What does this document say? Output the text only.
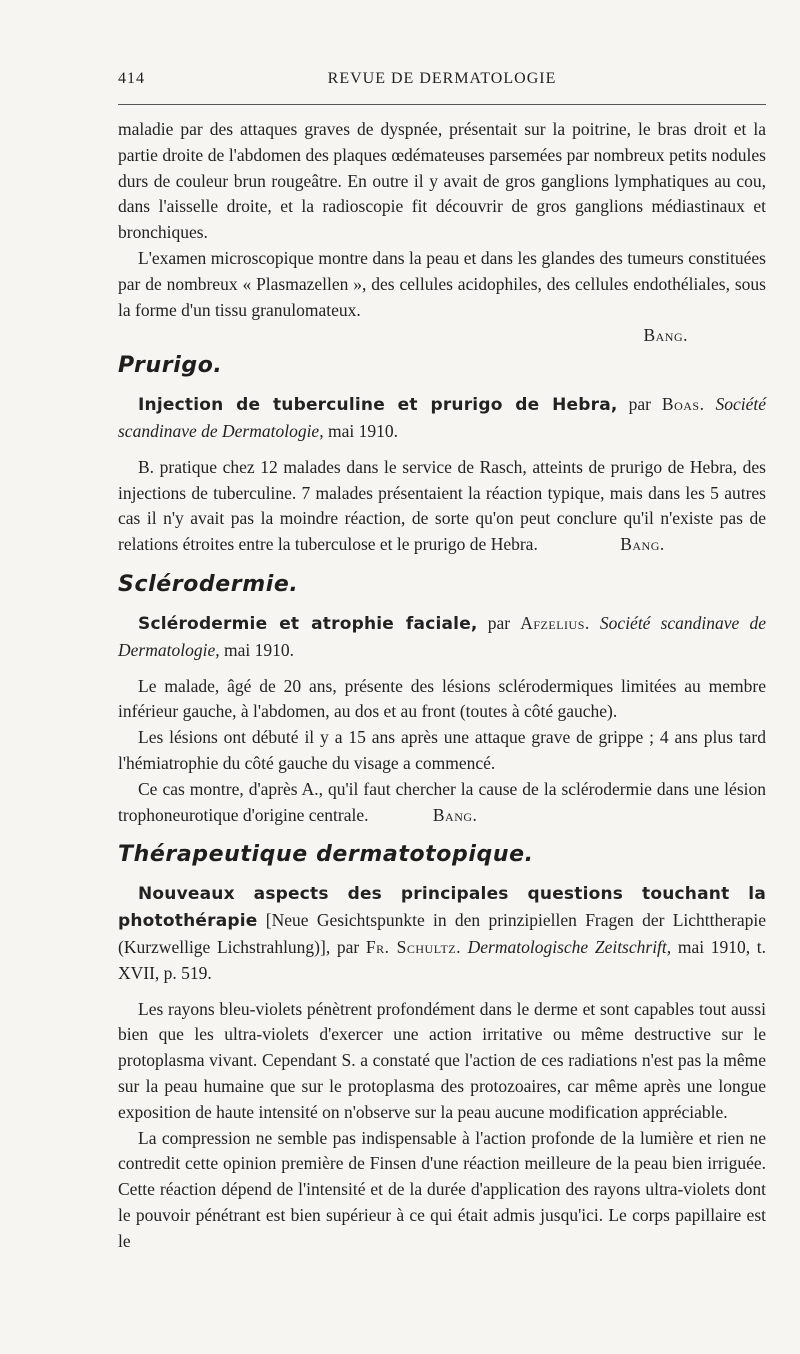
414	REVUE DE DERMATOLOGIE

maladie par des attaques graves de dyspnée, présentait sur la poitrine, le bras droit et la partie droite de l'abdomen des plaques œdémateuses parsemées par nombreux petits nodules durs de couleur brun rougeâtre. En outre il y avait de gros ganglions lymphatiques au cou, dans l'aisselle droite, et la radioscopie fit découvrir de gros ganglions médiastinaux et bronchiques.

L'examen microscopique montre dans la peau et dans les glandes des tumeurs constituées par de nombreux « Plasmazellen », des cellules acidophiles, des cellules endothéliales, sous la forme d'un tissu granulomateux.

Bang.

Prurigo.

Injection de tuberculine et prurigo de Hebra, par Boas. Société scandinave de Dermatologie, mai 1910.

B. pratique chez 12 malades dans le service de Rasch, atteints de prurigo de Hebra, des injections de tuberculine. 7 malades présentaient la réaction typique, mais dans les 5 autres cas il n'y avait pas la moindre réaction, de sorte qu'on peut conclure qu'il n'existe pas de relations étroites entre la tuberculose et le prurigo de Hebra.	Bang.

Sclérodermie.

Sclérodermie et atrophie faciale, par Afzelius. Société scandinave de Dermatologie, mai 1910.

Le malade, âgé de 20 ans, présente des lésions sclérodermiques limitées au membre inférieur gauche, à l'abdomen, au dos et au front (toutes à côté gauche).

Les lésions ont débuté il y a 15 ans après une attaque grave de grippe ; 4 ans plus tard l'hémiatrophie du côté gauche du visage a commencé.

Ce cas montre, d'après A., qu'il faut chercher la cause de la sclérodermie dans une lésion trophoneurotique d'origine centrale.	Bang.

Thérapeutique dermatotopique.

Nouveaux aspects des principales questions touchant la photothérapie [Neue Gesichtspunkte in den prinzipiellen Fragen der Lichttherapie (Kurzwellige Lichstrahlung)], par Fr. Schultz. Dermatologische Zeitschrift, mai 1910, t. XVII, p. 519.

Les rayons bleu-violets pénètrent profondément dans le derme et sont capables tout aussi bien que les ultra-violets d'exercer une action irritative ou même destructive sur le protoplasma vivant. Cependant S. a constaté que l'action de ces radiations n'est pas la même sur la peau humaine que sur le protoplasma des protozoaires, car même après une longue exposition de haute intensité on n'observe sur la peau aucune modification appréciable.

La compression ne semble pas indispensable à l'action profonde de la lumière et rien ne contredit cette opinion première de Finsen d'une réaction meilleure de la peau bien irriguée. Cette réaction dépend de l'intensité et de la durée d'application des rayons ultra-violets dont le pouvoir pénétrant est bien supérieur à ce qui était admis jusqu'ici. Le corps papillaire est le
